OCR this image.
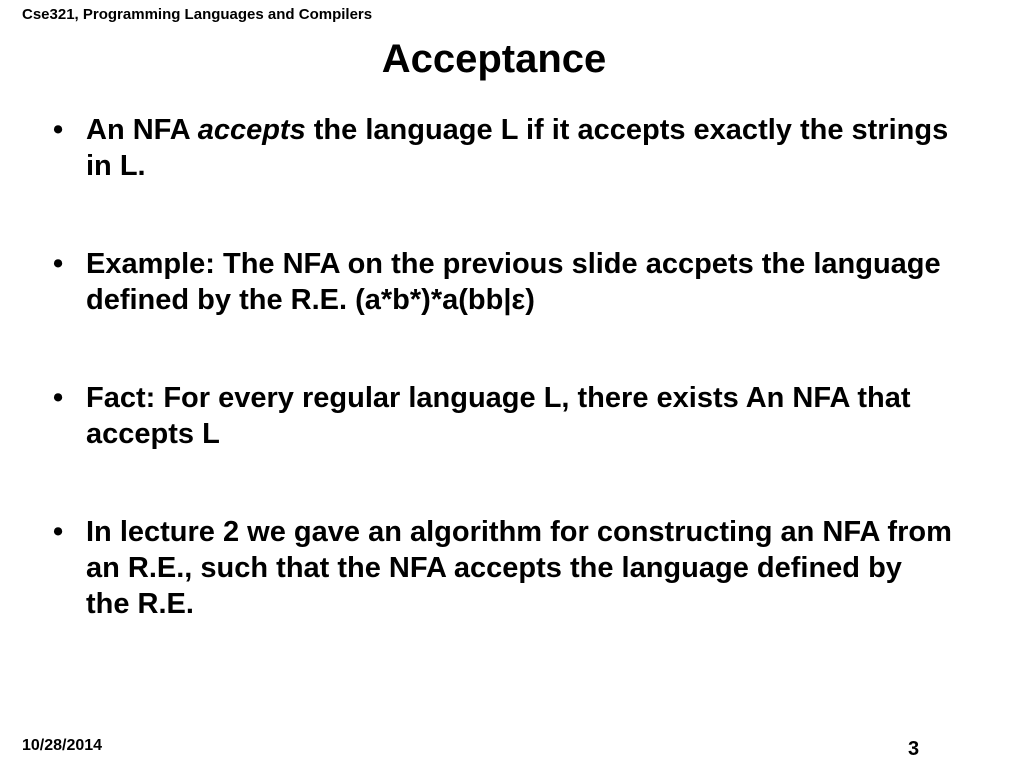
Cse321, Programming Languages and Compilers
Acceptance
• An NFA accepts the language L if it accepts exactly the strings in L.
• Example: The NFA on the previous slide accpets the language defined by the R.E. (a*b*)*a(bb|ε)
• Fact: For every regular language L, there exists An NFA that accepts L
• In lecture 2 we gave an algorithm for constructing an NFA from an R.E., such that the NFA accepts the language defined by the R.E.
10/28/2014	3
